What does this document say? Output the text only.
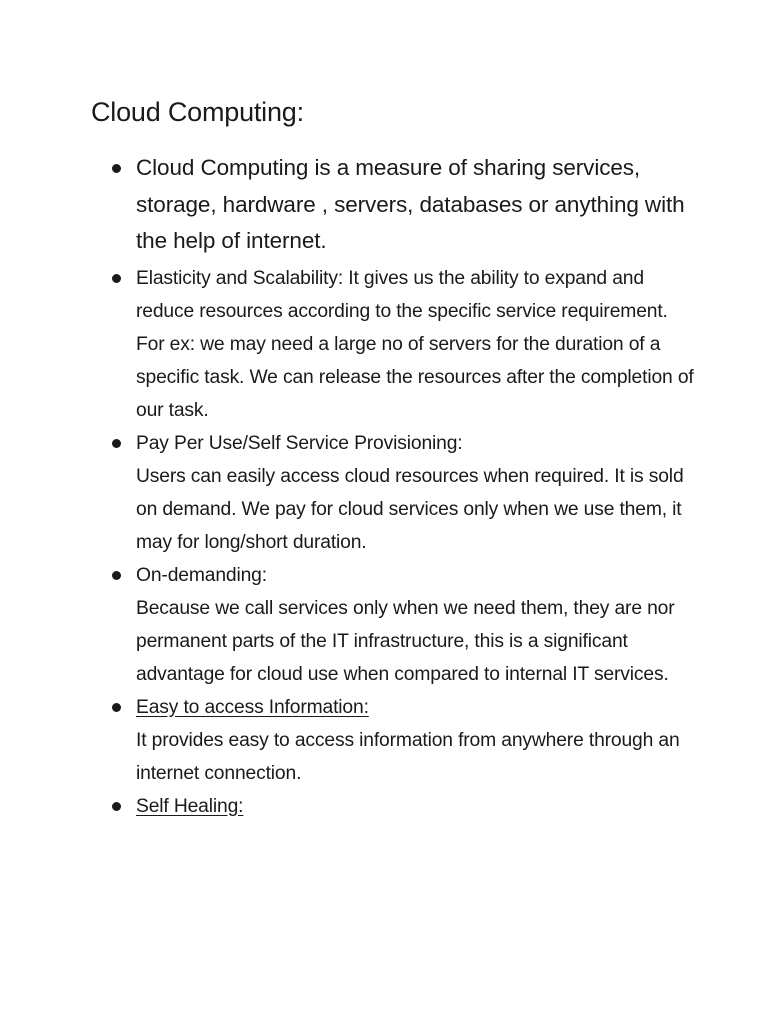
Cloud Computing:
Cloud Computing is a measure of sharing services, storage, hardware , servers, databases or anything with the help of internet.
Elasticity and Scalability: It gives us the ability to expand and reduce resources according to the specific service requirement. For ex: we may need a large no of servers for the duration of a specific task. We can release the resources after the completion of our task.
Pay Per Use/Self Service Provisioning:
Users can easily access cloud resources when required. It is sold on demand. We pay for cloud services only when we use them, it may for long/short duration.
On-demanding:
Because we call services only when we need them, they are nor permanent parts of the IT infrastructure, this is a significant advantage for cloud use when compared to internal IT services.
Easy to access Information:
It provides easy to access information from anywhere through an internet connection.
Self Healing:
